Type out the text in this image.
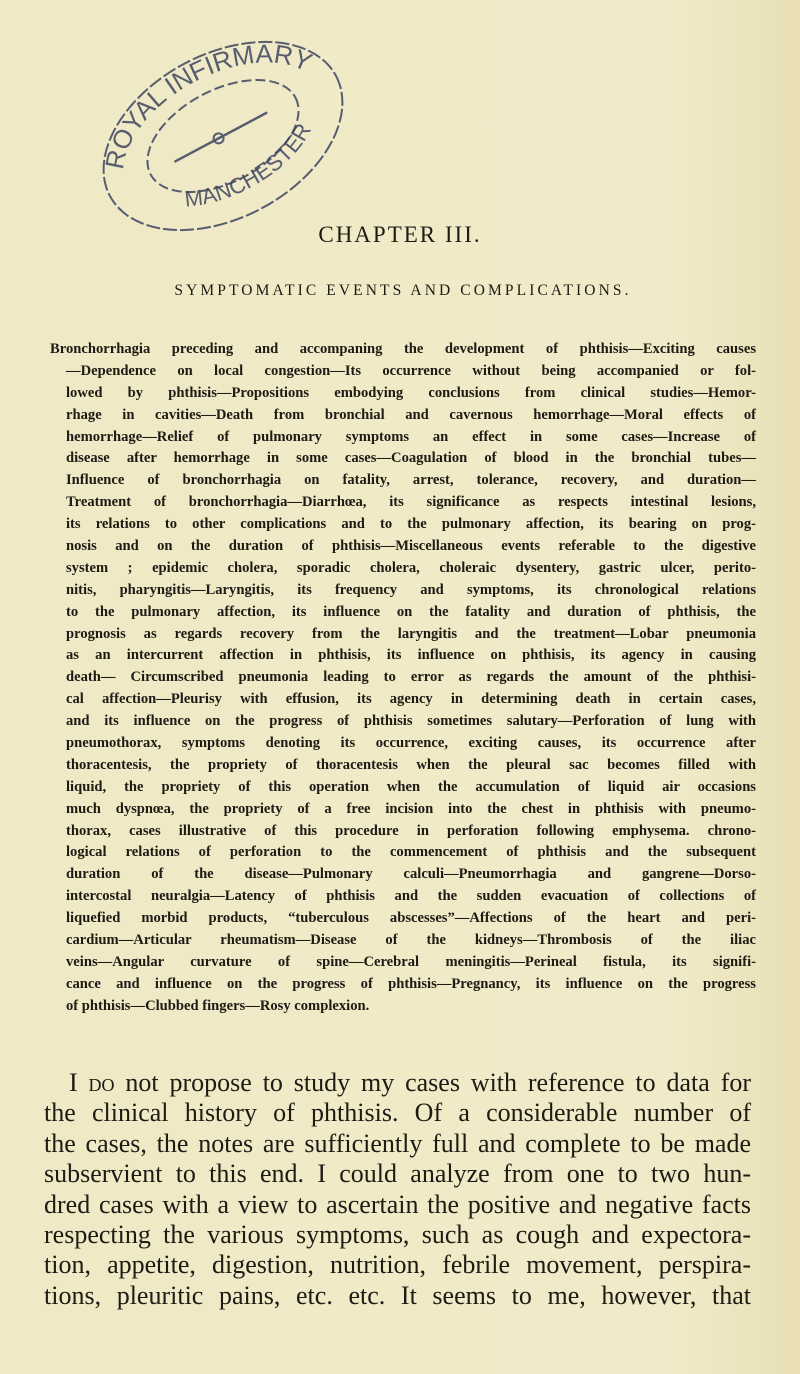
ROYAL INFIRMARY
MANCHESTER
CHAPTER III.
SYMPTOMATIC EVENTS AND COMPLICATIONS.
Bronchorrhagia preceding and accompaning the development of phthisis—Exciting causes
—Dependence on local congestion—Its occurrence without being accompanied or fol-
lowed by phthisis—Propositions embodying conclusions from clinical studies—Hemor-
rhage in cavities—Death from bronchial and cavernous hemorrhage—Moral effects of
hemorrhage—Relief of pulmonary symptoms an effect in some cases—Increase of
disease after hemorrhage in some cases—Coagulation of blood in the bronchial tubes—
Influence of bronchorrhagia on fatality, arrest, tolerance, recovery, and duration—
Treatment of bronchorrhagia—Diarrhœa, its significance as respects intestinal lesions,
its relations to other complications and to the pulmonary affection, its bearing on prog-
nosis and on the duration of phthisis—Miscellaneous events referable to the digestive
system ; epidemic cholera, sporadic cholera, choleraic dysentery, gastric ulcer, perito-
nitis, pharyngitis—Laryngitis, its frequency and symptoms, its chronological relations
to the pulmonary affection, its influence on the fatality and duration of phthisis, the
prognosis as regards recovery from the laryngitis and the treatment—Lobar pneumonia
as an intercurrent affection in phthisis, its influence on phthisis, its agency in causing
death— Circumscribed pneumonia leading to error as regards the amount of the phthisi-
cal affection—Pleurisy with effusion, its agency in determining death in certain cases,
and its influence on the progress of phthisis sometimes salutary—Perforation of lung with
pneumothorax, symptoms denoting its occurrence, exciting causes, its occurrence after
thoracentesis, the propriety of thoracentesis when the pleural sac becomes filled with
liquid, the propriety of this operation when the accumulation of liquid air occasions
much dyspnœa, the propriety of a free incision into the chest in phthisis with pneumo-
thorax, cases illustrative of this procedure in perforation following emphysema. chrono-
logical relations of perforation to the commencement of phthisis and the subsequent
duration of the disease—Pulmonary calculi—Pneumorrhagia and gangrene—Dorso-
intercostal neuralgia—Latency of phthisis and the sudden evacuation of collections of
liquefied morbid products, “tuberculous abscesses”—Affections of the heart and peri-
cardium—Articular rheumatism—Disease of the kidneys—Thrombosis of the iliac
veins—Angular curvature of spine—Cerebral meningitis—Perineal fistula, its signifi-
cance and influence on the progress of phthisis—Pregnancy, its influence on the progress
of phthisis—Clubbed fingers—Rosy complexion.
I do not propose to study my cases with reference to data for
the clinical history of phthisis. Of a considerable number of
the cases, the notes are sufficiently full and complete to be made
subservient to this end. I could analyze from one to two hun-
dred cases with a view to ascertain the positive and negative facts
respecting the various symptoms, such as cough and expectora-
tion, appetite, digestion, nutrition, febrile movement, perspira-
tions, pleuritic pains, etc. etc. It seems to me, however, that
